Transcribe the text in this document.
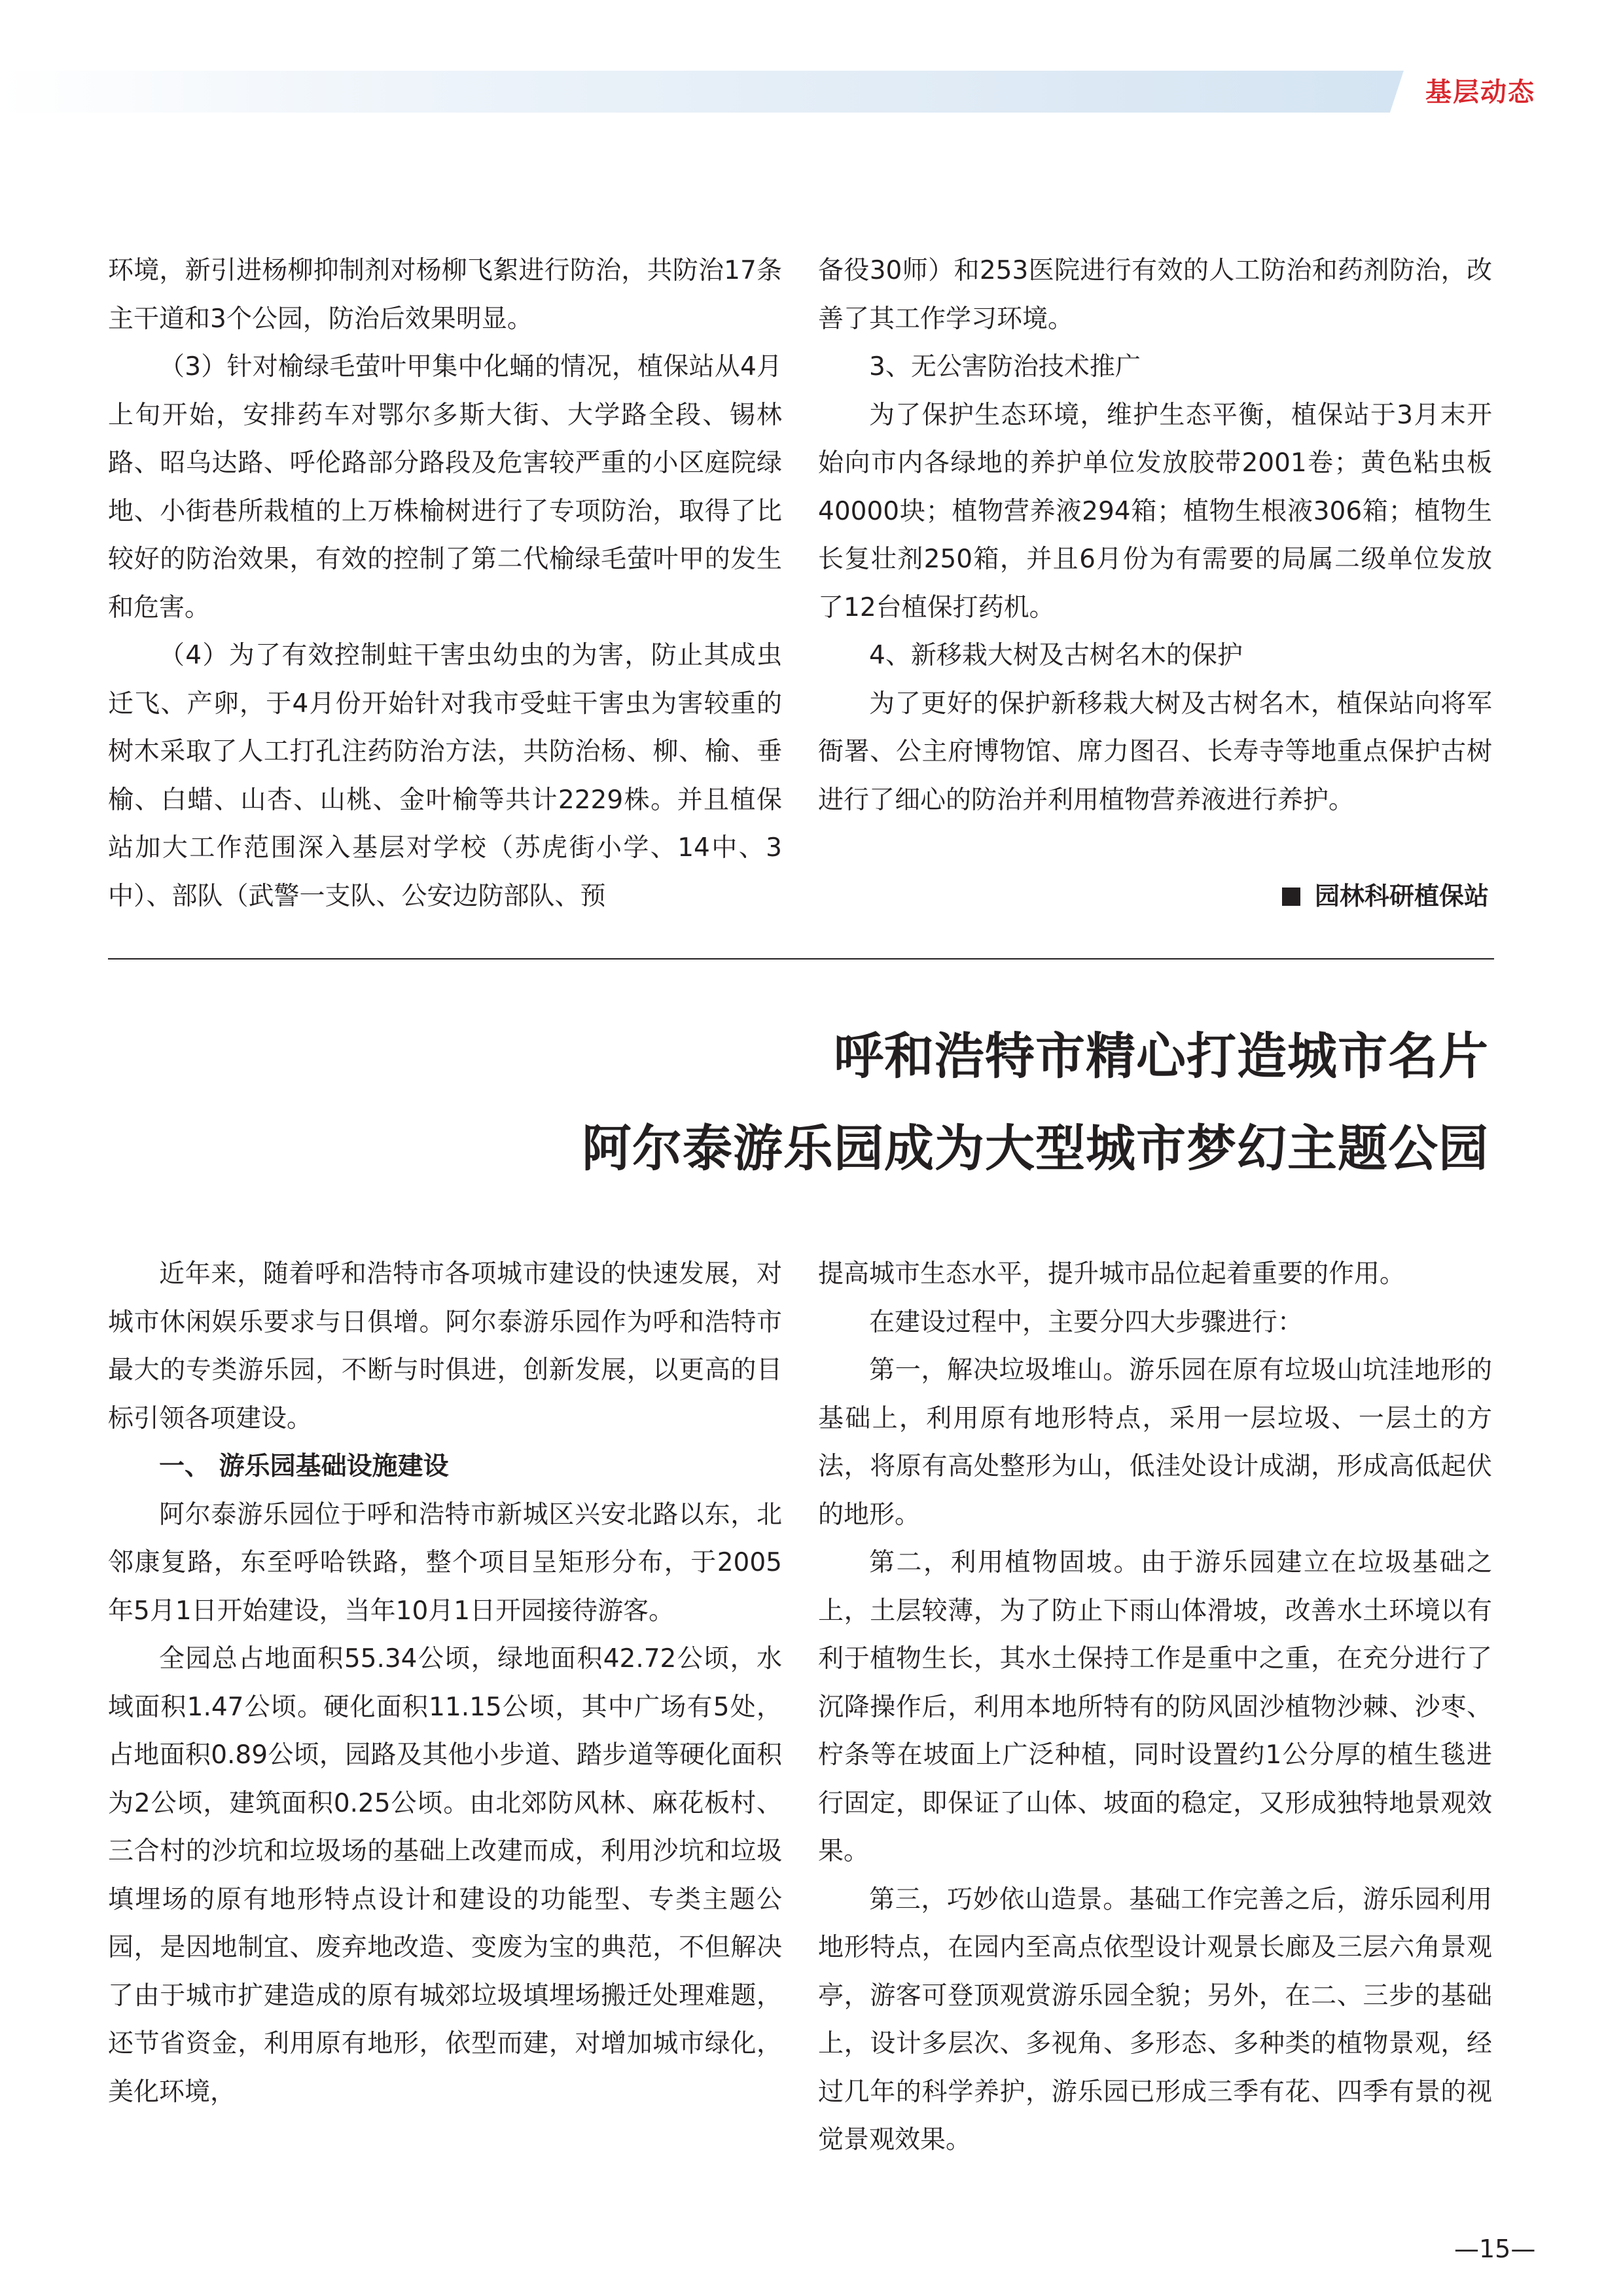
基层动态

环境，新引进杨柳抑制剂对杨柳飞絮进行防治，共防治17条主干道和3个公园，防治后效果明显。

（3）针对榆绿毛萤叶甲集中化蛹的情况，植保站从4月上旬开始，安排药车对鄂尔多斯大街、大学路全段、锡林路、昭乌达路、呼伦路部分路段及危害较严重的小区庭院绿地、小街巷所栽植的上万株榆树进行了专项防治，取得了比较好的防治效果，有效的控制了第二代榆绿毛萤叶甲的发生和危害。

（4）为了有效控制蛀干害虫幼虫的为害，防止其成虫迁飞、产卵，于4月份开始针对我市受蛀干害虫为害较重的树木采取了人工打孔注药防治方法，共防治杨、柳、榆、垂榆、白蜡、山杏、山桃、金叶榆等共计2229株。并且植保站加大工作范围深入基层对学校（苏虎街小学、14中、3中）、部队（武警一支队、公安边防部队、预

备役30师）和253医院进行有效的人工防治和药剂防治，改善了其工作学习环境。

3、无公害防治技术推广

为了保护生态环境，维护生态平衡，植保站于3月末开始向市内各绿地的养护单位发放胶带2001卷；黄色粘虫板40000块；植物营养液294箱；植物生根液306箱；植物生长复壮剂250箱，并且6月份为有需要的局属二级单位发放了12台植保打药机。

4、新移栽大树及古树名木的保护

为了更好的保护新移栽大树及古树名木，植保站向将军衙署、公主府博物馆、席力图召、长寿寺等地重点保护古树进行了细心的防治并利用植物营养液进行养护。

园林科研植保站
呼和浩特市精心打造城市名片
阿尔泰游乐园成为大型城市梦幻主题公园

近年来，随着呼和浩特市各项城市建设的快速发展，对城市休闲娱乐要求与日俱增。阿尔泰游乐园作为呼和浩特市最大的专类游乐园，不断与时俱进，创新发展，以更高的目标引领各项建设。

一、 游乐园基础设施建设

阿尔泰游乐园位于呼和浩特市新城区兴安北路以东，北邻康复路，东至呼哈铁路，整个项目呈矩形分布，于2005年5月1日开始建设，当年10月1日开园接待游客。

全园总占地面积55.34公顷，绿地面积42.72公顷，水域面积1.47公顷。硬化面积11.15公顷，其中广场有5处，占地面积0.89公顷，园路及其他小步道、踏步道等硬化面积为2公顷，建筑面积0.25公顷。由北郊防风林、麻花板村、三合村的沙坑和垃圾场的基础上改建而成，利用沙坑和垃圾填埋场的原有地形特点设计和建设的功能型、专类主题公园，是因地制宜、废弃地改造、变废为宝的典范，不但解决了由于城市扩建造成的原有城郊垃圾填埋场搬迁处理难题，还节省资金，利用原有地形，依型而建，对增加城市绿化，美化环境，

提高城市生态水平，提升城市品位起着重要的作用。

在建设过程中，主要分四大步骤进行：

第一，解决垃圾堆山。游乐园在原有垃圾山坑洼地形的基础上，利用原有地形特点，采用一层垃圾、一层土的方法，将原有高处整形为山，低洼处设计成湖，形成高低起伏的地形。

第二，利用植物固坡。由于游乐园建立在垃圾基础之上，土层较薄，为了防止下雨山体滑坡，改善水土环境以有利于植物生长，其水土保持工作是重中之重，在充分进行了沉降操作后，利用本地所特有的防风固沙植物沙棘、沙枣、柠条等在坡面上广泛种植，同时设置约1公分厚的植生毯进行固定，即保证了山体、坡面的稳定，又形成独特地景观效果。

第三，巧妙依山造景。基础工作完善之后，游乐园利用地形特点，在园内至高点依型设计观景长廊及三层六角景观亭，游客可登顶观赏游乐园全貌；另外，在二、三步的基础上，设计多层次、多视角、多形态、多种类的植物景观，经过几年的科学养护，游乐园已形成三季有花、四季有景的视觉景观效果。

—15—
